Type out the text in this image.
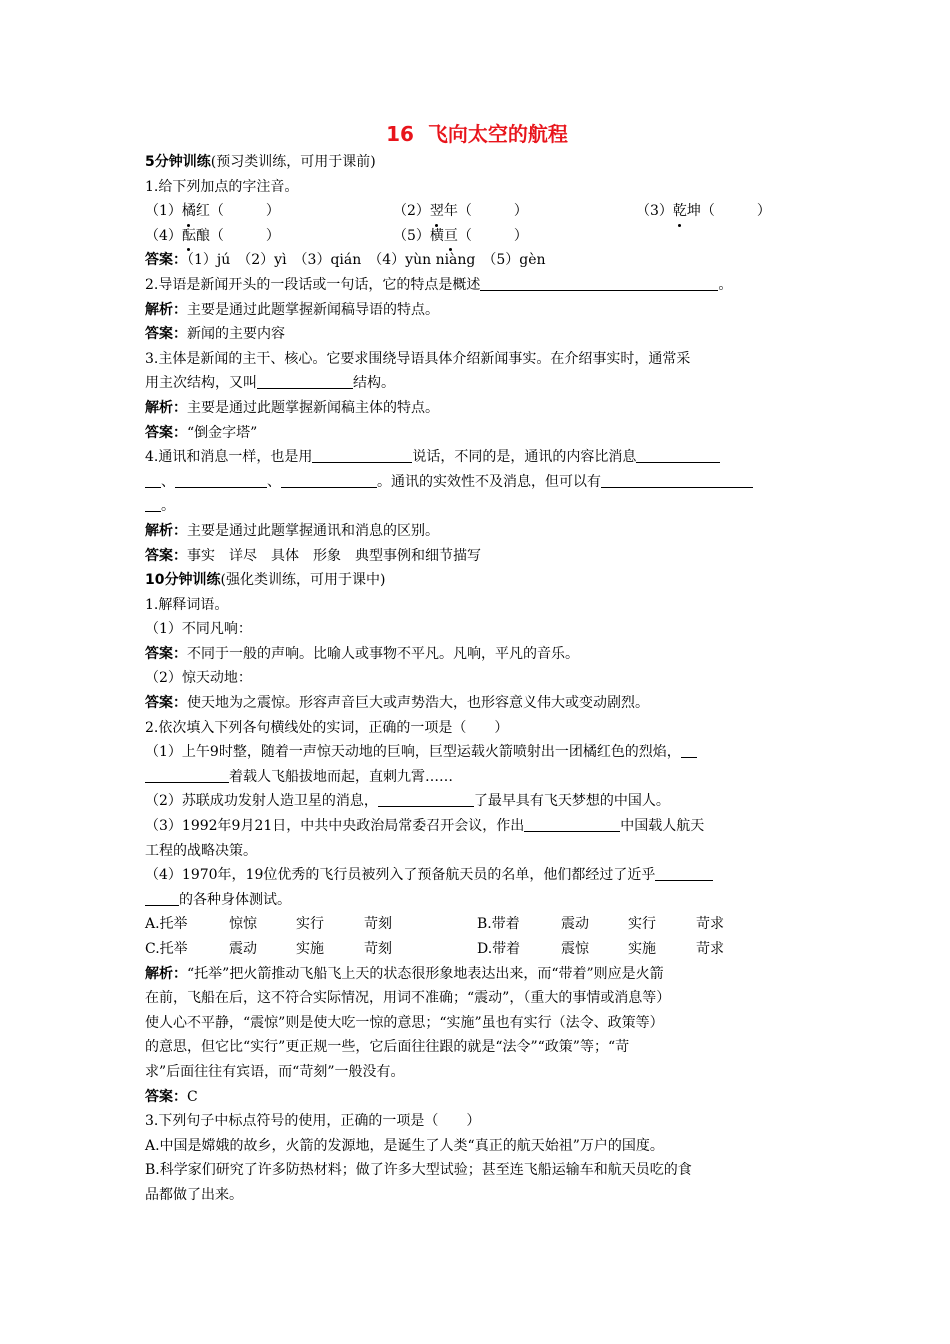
16 飞向太空的航程
5分钟训练(预习类训练，可用于课前)
1.给下列加点的字注音。
（1）橘红（　　　）	（2）翌年（　　　）	（3）乾坤（　　　）
（4）酝酿（　　　）	（5）横亘（　　　）
答案：（1）jú　（2）yì　（3）qián　（4）yùn niàng　（5）gèn
2.导语是新闻开头的一段话或一句话，它的特点是概述	。
解析：主要是通过此题掌握新闻稿导语的特点。
答案：新闻的主要内容
3.主体是新闻的主干、核心。它要求围绕导语具体介绍新闻事实。在介绍事实时，通常采
用主次结构，又叫	结构。
解析：主要是通过此题掌握新闻稿主体的特点。
答案：“倒金字塔”
4.通讯和消息一样，也是用	说话，不同的是，通讯的内容比消息
、	、	。通讯的实效性不及消息，但可以有
。
解析：主要是通过此题掌握通讯和消息的区别。
答案：事实　详尽　具体　形象　典型事例和细节描写
10分钟训练(强化类训练，可用于课中)
1.解释词语。
（1）不同凡响：
答案：不同于一般的声响。比喻人或事物不平凡。凡响，平凡的音乐。
（2）惊天动地：
答案：使天地为之震惊。形容声音巨大或声势浩大，也形容意义伟大或变动剧烈。
2.依次填入下列各句横线处的实词，正确的一项是（　　）
（1）上午9时整，随着一声惊天动地的巨响，巨型运载火箭喷射出一团橘红色的烈焰，
着载人飞船拔地而起，直刺九霄……
（2）苏联成功发射人造卫星的消息，	了最早具有飞天梦想的中国人。
（3）1992年9月21日，中共中央政治局常委召开会议，作出	中国载人航天
工程的战略决策。
（4）1970年，19位优秀的飞行员被列入了预备航天员的名单，他们都经过了近乎
的各种身体测试。
A.托举	惊惊	实行	苛刻	B.带着	震动	实行	苛求
C.托举	震动	实施	苛刻	D.带着	震惊	实施	苛求
解析：“托举”把火箭推动飞船飞上天的状态很形象地表达出来，而“带着”则应是火箭
在前，飞船在后，这不符合实际情况，用词不准确；“震动”，（重大的事情或消息等）
使人心不平静，“震惊”则是使大吃一惊的意思；“实施”虽也有实行（法令、政策等）
的意思，但它比“实行”更正规一些，它后面往往跟的就是“法令”“政策”等；“苛
求”后面往往有宾语，而“苛刻”一般没有。
答案：C
3.下列句子中标点符号的使用，正确的一项是（　　）
A.中国是嫦娥的故乡，火箭的发源地，是诞生了人类“真正的航天始祖”万户的国度。
B.科学家们研究了许多防热材料；做了许多大型试验；甚至连飞船运输车和航天员吃的食
品都做了出来。
